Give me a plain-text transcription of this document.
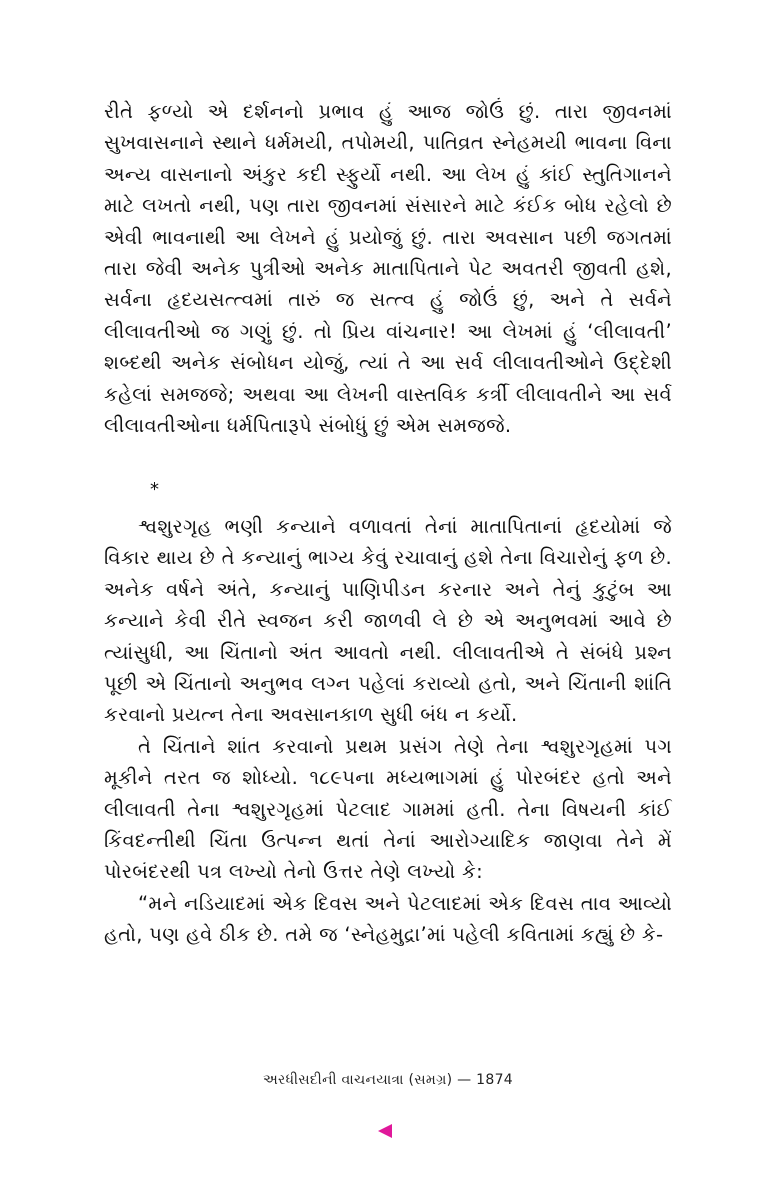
રીતે ફળ્યો એ દર્શનનો પ્રભાવ હું આજ જોઉં છું. તારા જીવનમાં સુખવાસનાને સ્થાને ધર્મમયી, તપોમયી, પાતિવ્રત સ્નેહમયી ભાવના વિના અન્ય વાસનાનો અંકુર કદી સ્ફુર્યો નથી. આ લેખ હું કાંઈ સ્તુતિગાનને માટે લખતો નથી, પણ તારા જીવનમાં સંસારને માટે કંઈક બોધ રહેલો છે એવી ભાવનાથી આ લેખને હું પ્રયોજું છું. તારા અવસાન પછી જગતમાં તારા જેવી અનેક પુત્રીઓ અનેક માતાપિતાને પેટ અવતરી જીવતી હશે, સર્વના હૃદયસત્ત્વમાં તારું જ સત્ત્વ હું જોઉં છું, અને તે સર્વને લીલાવતીઓ જ ગણું છું. તો પ્રિય વાંચનાર! આ લેખમાં હું ‘લીલાવતી’ શબ્દથી અનેક સંબોધન યોજું, ત્યાં તે આ સર્વ લીલાવતીઓને ઉદ્દેશી કહેલાં સમજજે; અથવા આ લેખની વાસ્તવિક કર્ત્રી લીલાવતીને આ સર્વ લીલાવતીઓના ધર્મપિતારૂપે સંબોધું છું એમ સમજજે.

*

શ્વશુરગૃહ ભણી કન્યાને વળાવતાં તેનાં માતાપિતાનાં હૃદયોમાં જે વિકાર થાય છે તે કન્યાનું ભાગ્ય કેવું રચાવાનું હશે તેના વિચારોનું ફળ છે. અનેક વર્ષને અંતે, કન્યાનું પાણિપીડન કરનાર અને તેનું કુટુંબ આ કન્યાને કેવી રીતે સ્વજન કરી જાળવી લે છે એ અનુભવમાં આવે છે ત્યાંસુધી, આ ચિંતાનો અંત આવતો નથી. લીલાવતીએ તે સંબંધે પ્રશ્ન પૂછી એ ચિંતાનો અનુભવ લગ્ન પહેલાં કરાવ્યો હતો, અને ચિંતાની શાંતિ કરવાનો પ્રયત્ન તેના અવસાનકાળ સુધી બંધ ન કર્યો.

તે ચિંતાને શાંત કરવાનો પ્રથમ પ્રસંગ તેણે તેના શ્વશુરગૃહમાં પગ મૂકીને તરત જ શોધ્યો. ૧૮૯૫ના મધ્યભાગમાં હું પોરબંદર હતો અને લીલાવતી તેના શ્વશુરગૃહમાં પેટલાદ ગામમાં હતી. તેના વિષયની કાંઈ કિંવદન્તીથી ચિંતા ઉત્પન્ન થતાં તેનાં આરોગ્યાદિક જાણવા તેને મેં પોરબંદરથી પત્ર લખ્યો તેનો ઉત્તર તેણે લખ્યો કે:

“મને નડિયાદમાં એક દિવસ અને પેટલાદમાં એક દિવસ તાવ આવ્યો હતો, પણ હવે ઠીક છે. તમે જ ‘સ્નેહમુદ્રા’માં પહેલી કવિતામાં કહ્યું છે કે-

અરધીસદીની વાચનયાત્રા (સમગ્ર) — 1874
